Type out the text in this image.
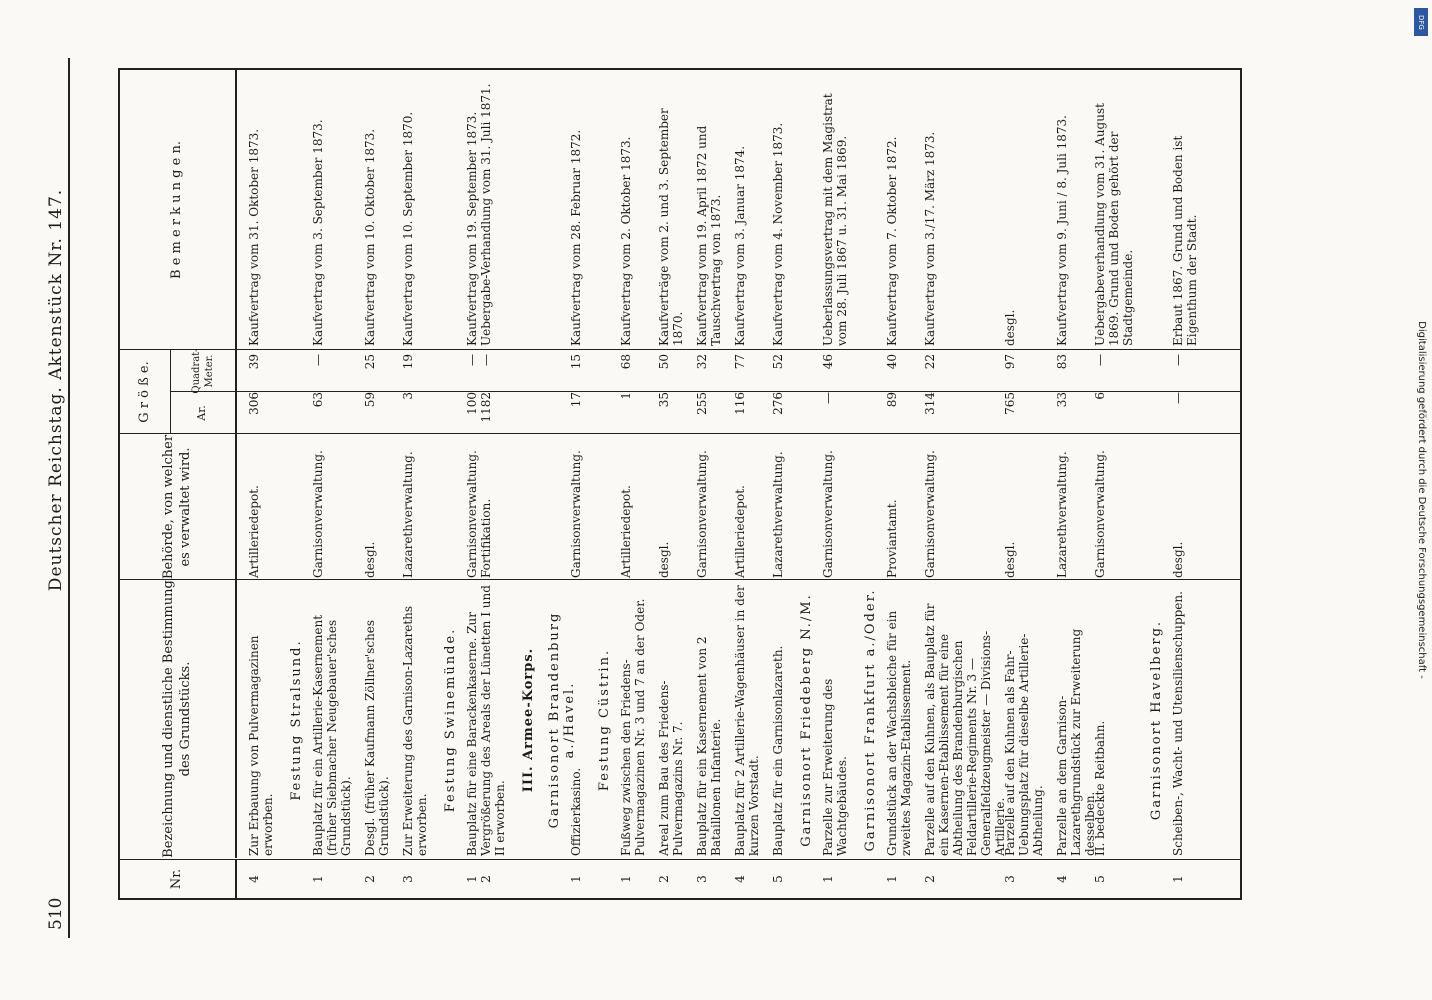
510
Deutscher Reichstag. Aktenstück Nr. 147.
Nr.
Bezeichnung und dienstliche Bestimmung des Grundstücks.
Behörde, von welcher es verwaltet wird.
G r ö ß e.	Ar.
Quadrat-Meter.
B e m e r k u n g e n.
4
Zur Erbauung von Pulvermagazinen erworben.
Artilleriedepot.
306
39
Kaufvertrag vom 31. Oktober 1873.
Festung Stralsund.
1
Bauplatz für ein Artillerie-Kasernement (früher Siebmacher Neugebauer'sches Grundstück).
Garnisonverwaltung.
63
—
Kaufvertrag vom 3. September 1873.
2
Desgl. (früher Kaufmann Zöllner'sches Grundstück).
desgl.
59
25
Kaufvertrag vom 10. Oktober 1873.
3
Zur Erweiterung des Garnison-Lazareths erworben.
Lazarethverwaltung.
3
19
Kaufvertrag vom 10. September 1870.
Festung Swinemünde.
1
2
Bauplatz für eine Barackenkaserne. Zur Vergrößerung des Areals der Lünetten I und II erworben.
Garnisonverwaltung. Fortifikation.
100
1182
—
—
Kaufvertrag vom 19. September 1873. Uebergabe-Verhandlung vom 31. Juli 1871.
III. Armee-Korps. Garnisonort Brandenburg a./Havel.
1
Offizierkasino.
Garnisonverwaltung.
17
15
Kaufvertrag vom 28. Februar 1872.
Festung Cüstrin.
1
Fußweg zwischen den Friedens-Pulvermagazinen Nr. 3 und 7 an der Oder.
Artilleriedepot.
1
68
Kaufvertrag vom 2. Oktober 1873.
2
Areal zum Bau des Friedens-Pulvermagazins Nr. 7.
desgl.
35
50
Kaufverträge vom 2. und 3. September 1870.
3
Bauplatz für ein Kasernement von 2 Bataillonen Infanterie.
Garnisonverwaltung.
255
32
Kaufvertrag vom 19. April 1872 und Tauschvertrag von 1873.
4
Bauplatz für 2 Artillerie-Wagenhäuser in der kurzen Vorstadt.
Artilleriedepot.
116
77
Kaufvertrag vom 3. Januar 1874.
5
Bauplatz für ein Garnisonlazareth.
Lazarethverwaltung.
276
52
Kaufvertrag vom 4. November 1873.
Garnisonort Friedeberg N./M.
1
Parzelle zur Erweiterung des Wachtgebäudes.
Garnisonverwaltung.
—
46
Ueberlassungsvertrag mit dem Magistrat vom 28. Juli 1867 u. 31. Mai 1869.
Garnisonort Frankfurt a./Oder.
1
Grundstück an der Wachsbleiche für ein zweites Magazin-Etablissement.
Proviantamt.
89
40
Kaufvertrag vom 7. Oktober 1872.
2
Parzelle auf den Kuhnen, als Bauplatz für ein Kasernen-Etablissement für eine Abtheilung des Brandenburgischen Feldartillerie-Regiments Nr. 3 — Generalfeldzeugmeister — Divisions-Artillerie.
Garnisonverwaltung.
314
22
Kaufvertrag vom 3./17. März 1873.
3
Parzelle auf den Kuhnen als Fahr-Uebungsplatz für dieselbe Artillerie-Abtheilung.
desgl.
765
97
desgl.
4
Parzelle an dem Garnison-Lazarethgrundstück zur Erweiterung desselben.
Lazarethverwaltung.
33
83
Kaufvertrag vom 9. Juni / 8. Juli 1873.
5
II. bedeckte Reitbahn.
Garnisonverwaltung.
6
—
Uebergabeverhandlung vom 31. August 1869. Grund und Boden gehört der Stadtgemeinde.
Garnisonort Havelberg.
1
Scheiben-, Wacht- und Utensilienschuppen.
desgl.
—
—
Erbaut 1867. Grund und Boden ist Eigenthum der Stadt.
Digitalisierung gefördert durch die Deutsche Forschungsgemeinschaft -
DFG
